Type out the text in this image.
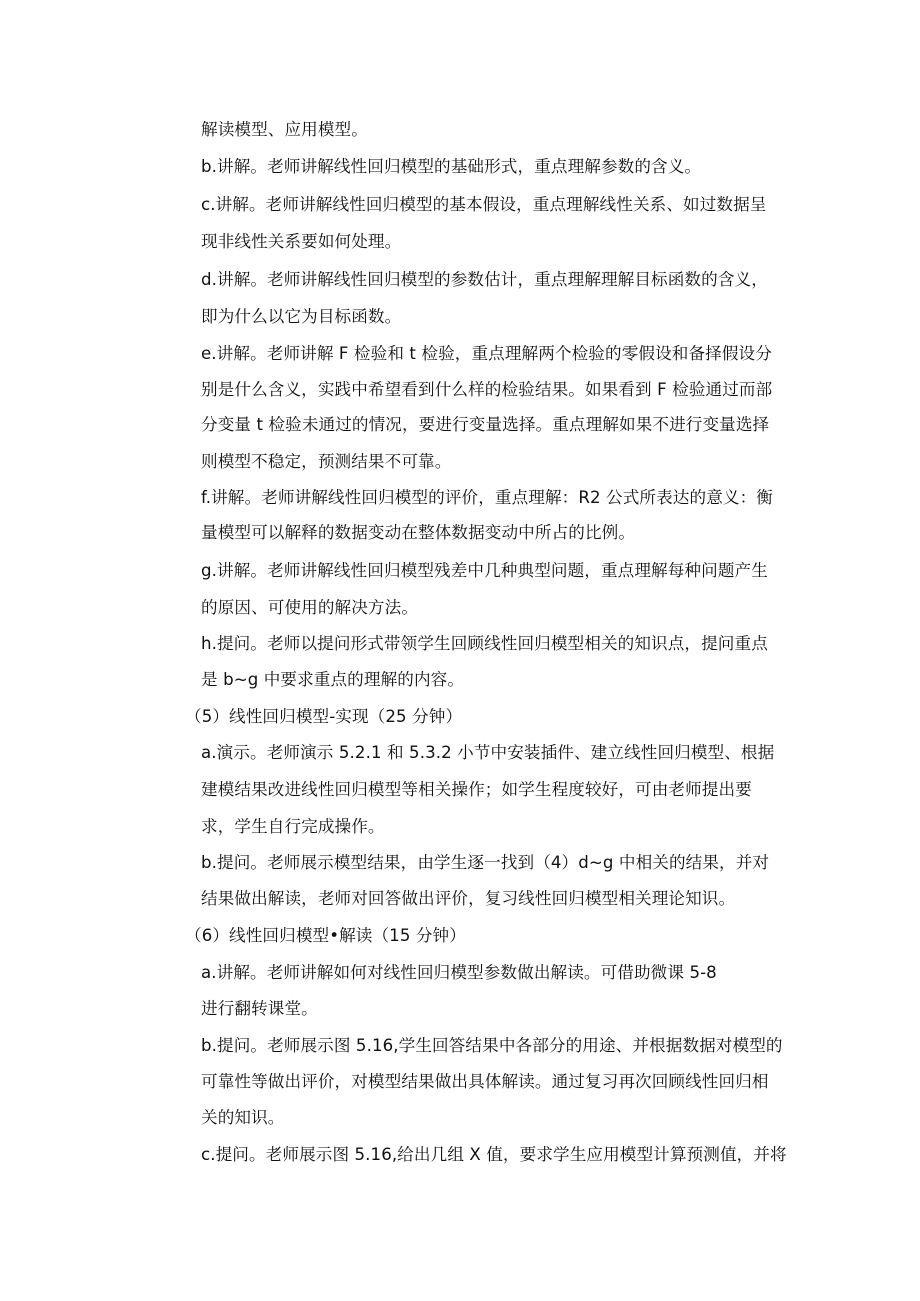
解读模型、应用模型。
b.讲解。老师讲解线性回归模型的基础形式，重点理解参数的含义。
c.讲解。老师讲解线性回归模型的基本假设，重点理解线性关系、如过数据呈
现非线性关系要如何处理。
d.讲解。老师讲解线性回归模型的参数估计，重点理解理解目标函数的含义，
即为什么以它为目标函数。
e.讲解。老师讲解 F 检验和 t 检验，重点理解两个检验的零假设和备择假设分
别是什么含义，实践中希望看到什么样的检验结果。如果看到 F 检验通过而部
分变量 t 检验未通过的情况，要进行变量选择。重点理解如果不进行变量选择
则模型不稳定，预测结果不可靠。
f.讲解。老师讲解线性回归模型的评价，重点理解：R2 公式所表达的意义：衡
量模型可以解释的数据变动在整体数据变动中所占的比例。
g.讲解。老师讲解线性回归模型残差中几种典型问题，重点理解每种问题产生
的原因、可使用的解决方法。
h.提问。老师以提问形式带领学生回顾线性回归模型相关的知识点，提问重点
是 b~g 中要求重点的理解的内容。
（5）线性回归模型-实现（25 分钟）
a.演示。老师演示 5.2.1 和 5.3.2 小节中安装插件、建立线性回归模型、根据
建模结果改进线性回归模型等相关操作；如学生程度较好，可由老师提出要
求，学生自行完成操作。
b.提问。老师展示模型结果，由学生逐一找到（4）d~g 中相关的结果，并对
结果做出解读，老师对回答做出评价，复习线性回归模型相关理论知识。
（6）线性回归模型•解读（15 分钟）
a.讲解。老师讲解如何对线性回归模型参数做出解读。可借助微课 5-8
进行翻转课堂。
b.提问。老师展示图 5.16,学生回答结果中各部分的用途、并根据数据对模型的
可靠性等做出评价，对模型结果做出具体解读。通过复习再次回顾线性回归相
关的知识。
c.提问。老师展示图 5.16,给出几组 X 值，要求学生应用模型计算预测值，并将
